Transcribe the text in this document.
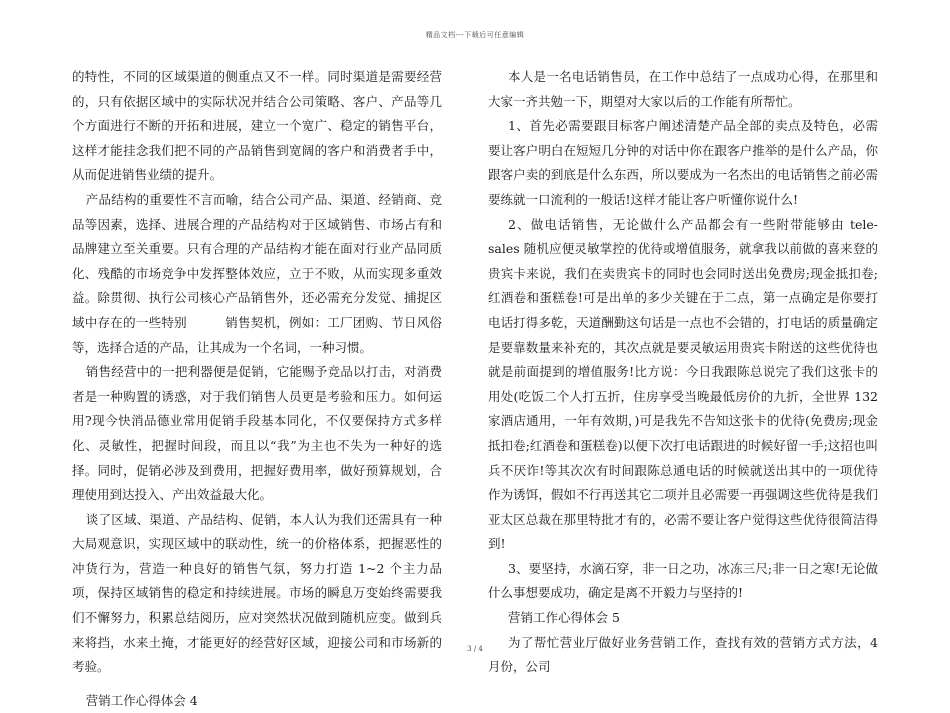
精品文档---下载后可任意编辑

的特性，不同的区域渠道的侧重点又不一样。同时渠道是需要经营的，只有依据区域中的实际状况并结合公司策略、客户、产品等几个方面进行不断的开拓和进展，建立一个宽广、稳定的销售平台，这样才能挂念我们把不同的产品销售到宽阔的客户和消费者手中，从而促进销售业绩的提升。

产品结构的重要性不言而喻，结合公司产品、渠道、经销商、竞品等因素，选择、进展合理的产品结构对于区域销售、市场占有和品牌建立至关重要。只有合理的产品结构才能在面对行业产品同质化、残酷的市场竞争中发挥整体效应，立于不败，从而实现多重效益。除贯彻、执行公司核心产品销售外，还必需充分发觉、捕捉区域中存在的一些特别　　　销售契机，例如：工厂团购、节日风俗等，选择合适的产品，让其成为一个名词，一种习惯。

销售经营中的一把利器便是促销，它能赐予竞品以打击，对消费者是一种购置的诱惑，对于我们销售人员更是考验和压力。如何运用?现今快消品德业常用促销手段基本同化，不仅要保持方式多样化、灵敏性，把握时间段，而且以“我”为主也不失为一种好的选择。同时，促销必涉及到费用，把握好费用率，做好预算规划，合理使用到达投入、产出效益最大化。

谈了区域、渠道、产品结构、促销，本人认为我们还需具有一种大局观意识，实现区域中的联动性，统一的价格体系，把握恶性的冲货行为，营造一种良好的销售气氛，努力打造 1~2 个主力品项，保持区域销售的稳定和持续进展。市场的瞬息万变始终需要我们不懈努力，积累总结阅历，应对突然状况做到随机应变。做到兵来将挡，水来土掩，才能更好的经营好区域，迎接公司和市场新的考验。

营销工作心得体会 4

本人是一名电话销售员，在工作中总结了一点成功心得，在那里和大家一齐共勉一下，期望对大家以后的工作能有所帮忙。

1、首先必需要跟目标客户阐述清楚产品全部的卖点及特色，必需要让客户明白在短短几分钟的对话中你在跟客户推举的是什么产品，你跟客户卖的到底是什么东西，所以要成为一名杰出的电话销售之前必需要练就一口流利的一般话!这样才能让客户听懂你说什么!

2、做电话销售，无论做什么产品都会有一些附带能够由 tele-sales 随机应便灵敏掌控的优待或增值服务，就拿我以前做的喜来登的贵宾卡来说，我们在卖贵宾卡的同时也会同时送出免费房;现金抵扣卷;红酒卷和蛋糕卷!可是出单的多少关键在于二点，第一点确定是你要打电话打得多乾，天道酬勤这句话是一点也不会错的，打电话的质量确定是要靠数量来补充的，其次点就是要灵敏运用贵宾卡附送的这些优待也就是前面提到的增值服务!比方说：今日我跟陈总说完了我们这张卡的用处(吃饭二个人打五折，住房享受当晚最低房价的九折，全世界 132 家酒店通用，一年有效期，)可是我先不告知这张卡的优待(免费房;现金抵扣卷;红酒卷和蛋糕卷)以便下次打电话跟进的时候好留一手;这招也叫兵不厌诈!等其次次有时间跟陈总通电话的时候就送出其中的一项优待作为诱饵，假如不行再送其它二项并且必需要一再强调这些优待是我们亚太区总裁在那里特批才有的，必需不要让客户觉得这些优待很简洁得到!

3、要坚持，水滴石穿，非一日之功，冰冻三尺;非一日之寒!无论做什么事想要成功，确定是离不开毅力与坚持的!

营销工作心得体会 5

为了帮忙营业厅做好业务营销工作，查找有效的营销方式方法，4 月份，公司

3 / 4
